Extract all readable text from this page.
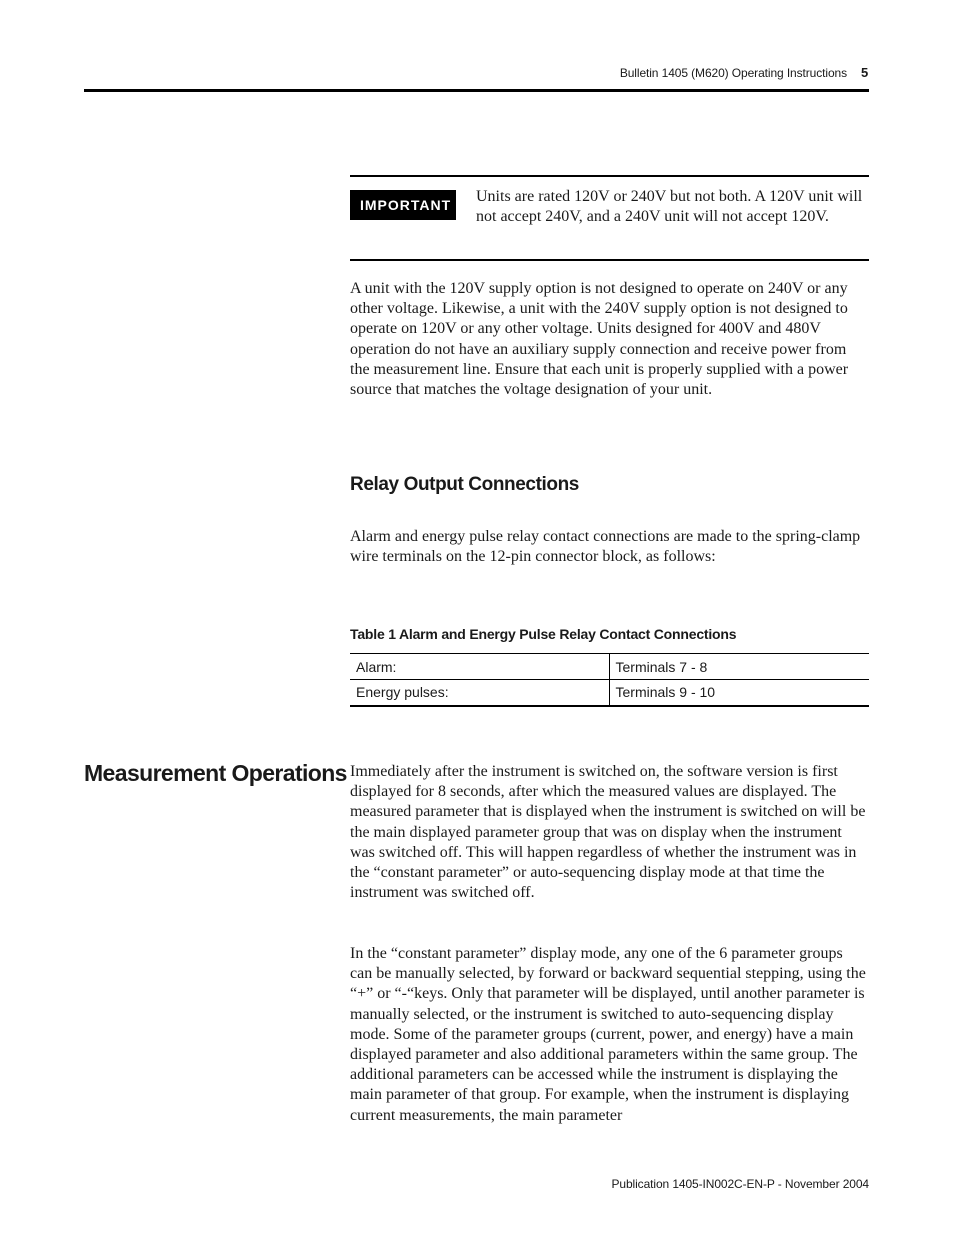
Bulletin 1405 (M620) Operating Instructions 5
IMPORTANT	Units are rated 120V or 240V but not both. A 120V unit will not accept 240V, and a 240V unit will not accept 120V.
A unit with the 120V supply option is not designed to operate on 240V or any other voltage. Likewise, a unit with the 240V supply option is not designed to operate on 120V or any other voltage. Units designed for 400V and 480V operation do not have an auxiliary supply connection and receive power from the measurement line. Ensure that each unit is properly supplied with a power source that matches the voltage designation of your unit.
Relay Output Connections
Alarm and energy pulse relay contact connections are made to the spring-clamp wire terminals on the 12-pin connector block, as follows:
Table 1 Alarm and Energy Pulse Relay Contact Connections
Alarm:	Terminals 7 - 8
Energy pulses:	Terminals 9 - 10
Measurement Operations Immediately after the instrument is switched on, the software version is first displayed for 8 seconds, after which the measured values are displayed. The measured parameter that is displayed when the instrument is switched on will be the main displayed parameter group that was on display when the instrument was switched off. This will happen regardless of whether the instrument was in the “constant parameter” or auto-sequencing display mode at that time the instrument was switched off.
In the “constant parameter” display mode, any one of the 6 parameter groups can be manually selected, by forward or backward sequential stepping, using the “+” or “-“keys. Only that parameter will be displayed, until another parameter is manually selected, or the instrument is switched to auto-sequencing display mode. Some of the parameter groups (current, power, and energy) have a main displayed parameter and also additional parameters within the same group. The additional parameters can be accessed while the instrument is displaying the main parameter of that group. For example, when the instrument is displaying current measurements, the main parameter
Publication 1405-IN002C-EN-P - November 2004
